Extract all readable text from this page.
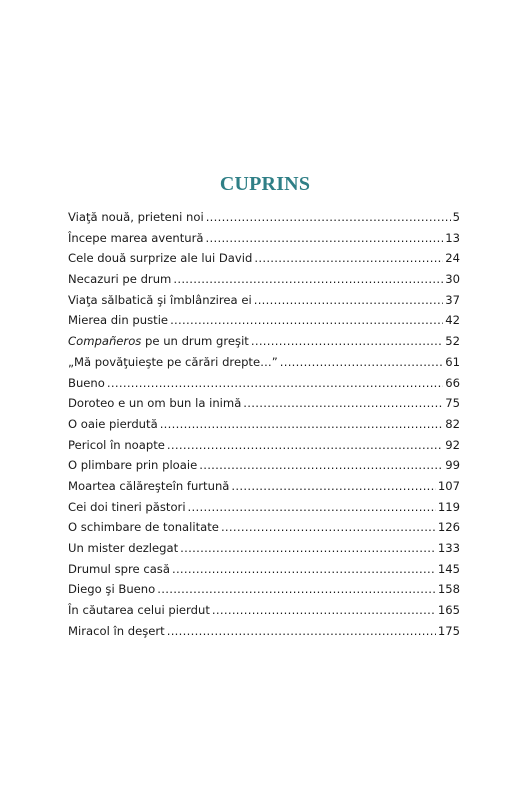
CUPRINS
Viaţă nouă, prieteni noi .....	5
Începe marea aventură .....	13
Cele două surprize ale lui David .....	24
Necazuri pe drum .....	30
Viaţa sălbatică şi îmblânzirea ei .....	37
Mierea din pustie .....	42
Compañeros pe un drum greşit .....	52
„Mă povăţuieşte pe cărări drepte…” .....	61
Bueno .....	66
Doroteo e un om bun la inimă .....	75
O oaie pierdută .....	82
Pericol în noapte .....	92
O plimbare prin ploaie .....	99
Moartea călăreşteîn furtună .....	107
Cei doi tineri păstori .....	119
O schimbare de tonalitate .....	126
Un mister dezlegat .....	133
Drumul spre casă .....	145
Diego şi Bueno .....	158
În căutarea celui pierdut .....	165
Miracol în deşert .....	175
